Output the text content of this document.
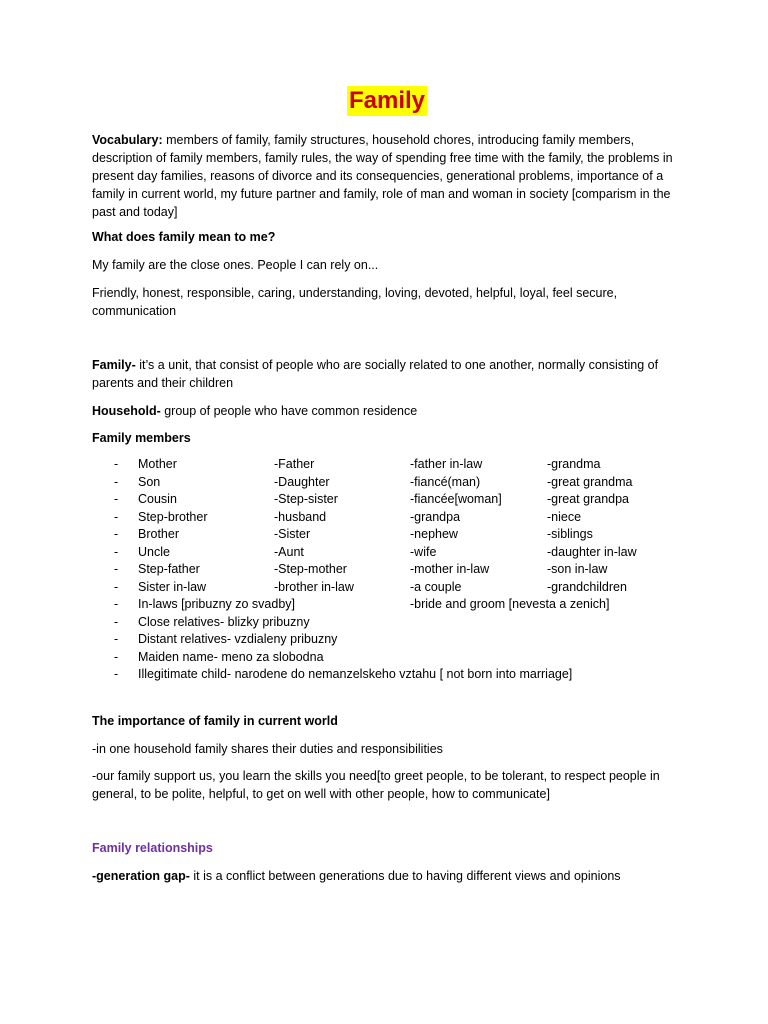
Family

Vocabulary: members of family, family structures, household chores, introducing family members, description of family members, family rules, the way of spending free time with the family, the problems in present day families, reasons of divorce and its consequencies, generational problems, importance of a family in current world, my future partner and family, role of man and woman in society [comparism in the past and today]

What does family mean to me?

My family are the close ones. People I can rely on...

Friendly, honest, responsible, caring, understanding, loving, devoted, helpful, loyal, feel secure, communication

Family- it’s a unit, that consist of people who are socially related to one another, normally consisting of parents and their children

Household- group of people who have common residence

Family members

- Mother	-Father	-father in-law	-grandma
- Son	-Daughter	-fiancé(man)	-great grandma
- Cousin	-Step-sister	-fiancée[woman]	-great grandpa
- Step-brother	-husband	-grandpa	-niece
- Brother	-Sister	-nephew	-siblings
- Uncle	-Aunt	-wife	-daughter in-law
- Step-father	-Step-mother	-mother in-law	-son in-law
- Sister in-law	-brother in-law	-a couple	-grandchildren
- In-laws [pribuzny zo svadby]	-bride and groom [nevesta a zenich]
- Close relatives- blizky pribuzny
- Distant relatives- vzdialeny pribuzny
- Maiden name- meno za slobodna
- Illegitimate child- narodene do nemanzelskeho vztahu [ not born into marriage]

The importance of family in current world

-in one household family shares their duties and responsibilities

-our family support us, you learn the skills you need[to greet people, to be tolerant, to respect people in general, to be polite, helpful, to get on well with other people, how to communicate]

Family relationships

-generation gap- it is a conflict between generations due to having different views and opinions
